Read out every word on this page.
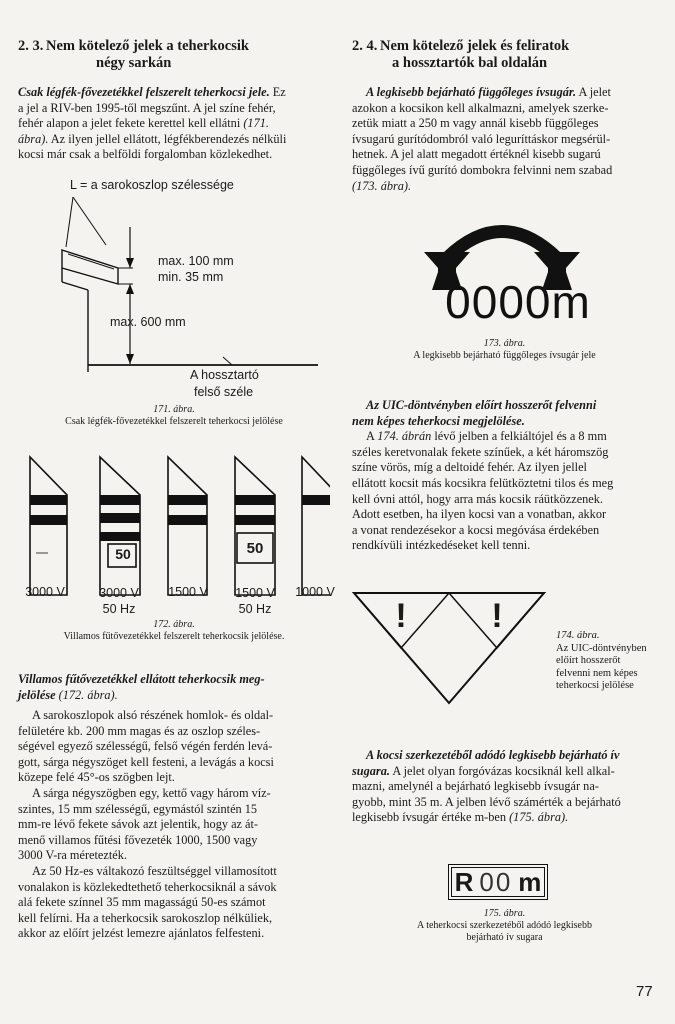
2. 3. Nem kötelező jelek a teherkocsik
négy sarkán

Csak légfék-fővezetékkel felszerelt teherkocsi jele. Ez
a jel a RIV-ben 1995-től megszűnt. A jel színe fehér,
fehér alapon a jelet fekete kerettel kell ellátni (171.
ábra). Az ilyen jellel ellátott, légfékberendezés nélküli
kocsi már csak a belföldi forgalomban közlekedhet.

L = a sarokoszlop szélessége
max. 100 mm
min. 35 mm
max. 600 mm
A hossztartó
felső széle
171. ábra.
Csak légfék-fővezetékkel felszerelt teherkocsi jelölése
50	50
3000 V	3000 V
50 Hz
1500 V	1500 V
50 Hz
1000 V
172. ábra.
Villamos fűtővezetékkel felszerelt teherkocsik jelölése.

Villamos fűtővezetékkel ellátott teherkocsik meg-
jelölése (172. ábra).

A sarokoszlopok alsó részének homlok- és oldal-
felületére kb. 200 mm magas és az oszlop széles-
ségével egyező szélességű, felső végén ferdén levá-
gott, sárga négyszöget kell festeni, a levágás a kocsi
közepe felé 45°-os szögben lejt.

A sárga négyszögben egy, kettő vagy három víz-
szintes, 15 mm szélességű, egymástól szintén 15
mm-re lévő fekete sávok azt jelentik, hogy az át-
menő villamos fűtési fővezeték 1000, 1500 vagy
3000 V-ra méretezték.

Az 50 Hz-es váltakozó feszültséggel villamosított
vonalakon is közlekedtethető teherkocsiknál a sávok
alá fekete színnel 35 mm magasságú 50-es számot
kell felírni. Ha a teherkocsik sarokoszlop nélküliek,
akkor az előírt jelzést lemezre ajánlatos felfesteni.

2. 4. Nem kötelező jelek és feliratok
a hossztartók bal oldalán

A legkisebb bejárható függőleges ívsugár. A jelet
azokon a kocsikon kell alkalmazni, amelyek szerke-
zetük miatt a 250 m vagy annál kisebb függőleges
ívsugarú gurítódombról való leguríttáskor megsérül-
hetnek. A jel alatt megadott értéknél kisebb sugarú
függőleges ívű gurító dombokra felvinni nem szabad
(173. ábra).

0000m
173. ábra.
A legkisebb bejárható függőleges ívsugár jele

Az UIC-döntvényben előírt hosszerőt felvenni
nem képes teherkocsi megjelölése.
A 174. ábrán lévő jelben a felkiáltójel és a 8 mm
széles keretvonalak fekete színűek, a két háromszög
színe vörös, míg a deltoidé fehér. Az ilyen jellel
ellátott kocsit más kocsikra felütköztetni tilos és meg
kell óvni attól, hogy arra más kocsik ráütközzenek.
Adott esetben, ha ilyen kocsi van a vonatban, akkor
a vonat rendezésekor a kocsi megóvása érdekében
rendkívüli intézkedéseket kell tenni.

! !
174. ábra.
Az UIC-döntvényben
előírt hosszerőt
felvenni nem képes
teherkocsi jelölése

A kocsi szerkezetéből adódó legkisebb bejárható ív
sugara. A jelet olyan forgóvázas kocsiknál kell alkal-
mazni, amelynél a bejárható legkisebb ívsugár na-
gyobb, mint 35 m. A jelben lévő számérték a bejárható
legkisebb ívsugár értéke m-ben (175. ábra).

R 00 m
175. ábra.
A teherkocsi szerkezetéből adódó legkisebb
bejárható ív sugara
77
